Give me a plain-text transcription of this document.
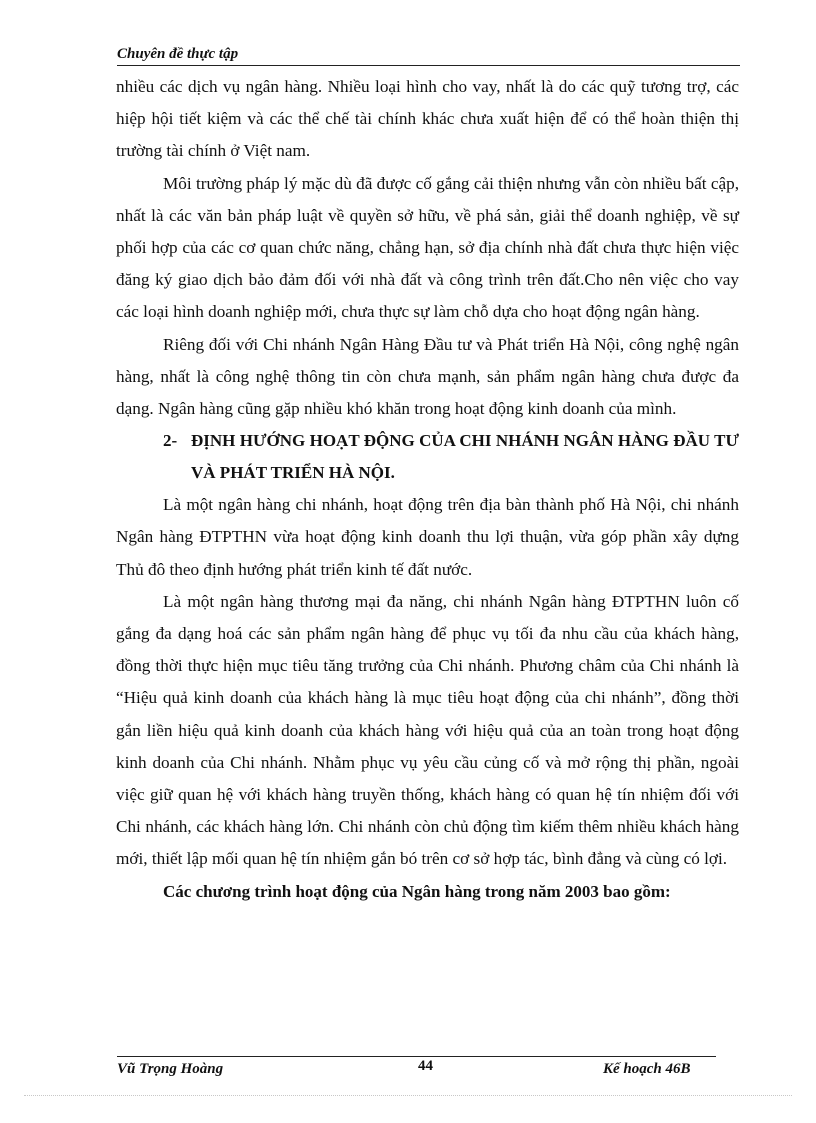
Chuyên đề thực tập

nhiều các dịch vụ ngân hàng. Nhiều loại hình cho vay, nhất là do các quỹ tương trợ, các hiệp hội tiết kiệm và các thể chế tài chính khác chưa xuất hiện để có thể hoàn thiện thị trường tài chính ở Việt nam.

Môi trường pháp lý mặc dù đã được cố gắng cải thiện nhưng vẫn còn nhiều bất cập, nhất là các văn bản pháp luật về quyền sở hữu, về phá sản, giải thể doanh nghiệp, về sự phối hợp của các cơ quan chức năng, chẳng hạn, sở địa chính nhà đất chưa thực hiện việc đăng ký giao dịch bảo đảm đối với nhà đất và công trình trên đất.Cho nên việc cho vay các loại hình doanh nghiệp mới, chưa thực sự làm chỗ dựa cho hoạt động ngân hàng.

Riêng đối với Chi nhánh Ngân Hàng Đầu tư và Phát triển Hà Nội, công nghệ ngân hàng, nhất là công nghệ thông tin còn chưa mạnh, sản phẩm ngân hàng chưa được đa dạng. Ngân hàng cũng gặp nhiều khó khăn trong hoạt động kinh doanh của mình.

2- ĐỊNH HƯỚNG HOẠT ĐỘNG CỦA CHI NHÁNH NGÂN HÀNG ĐẦU TƯ VÀ PHÁT TRIỂN HÀ NỘI.

Là một ngân hàng chi nhánh, hoạt động trên địa bàn thành phố Hà Nội, chi nhánh Ngân hàng ĐTPTHN vừa hoạt động kinh doanh thu lợi thuận, vừa góp phần xây dựng Thủ đô theo định hướng phát triển kinh tế đất nước.

Là một ngân hàng thương mại đa năng, chi nhánh Ngân hàng ĐTPTHN luôn cố gắng đa dạng hoá các sản phẩm ngân hàng để phục vụ tối đa nhu cầu của khách hàng, đồng thời thực hiện mục tiêu tăng trưởng của Chi nhánh. Phương châm của Chi nhánh là “Hiệu quả kinh doanh của khách hàng là mục tiêu hoạt động của chi nhánh”, đồng thời gắn liền hiệu quả kinh doanh của khách hàng với hiệu quả của an toàn trong hoạt động kinh doanh của Chi nhánh. Nhằm phục vụ yêu cầu củng cố và mở rộng thị phần, ngoài việc giữ quan hệ với khách hàng truyền thống, khách hàng có quan hệ tín nhiệm đối với Chi nhánh, các khách hàng lớn. Chi nhánh còn chủ động tìm kiếm thêm nhiều khách hàng mới, thiết lập mối quan hệ tín nhiệm gắn bó trên cơ sở hợp tác, bình đẳng và cùng có lợi.

Các chương trình hoạt động của Ngân hàng trong năm 2003 bao gồm:
Vũ Trọng Hoàng	44	Kế hoạch 46B
